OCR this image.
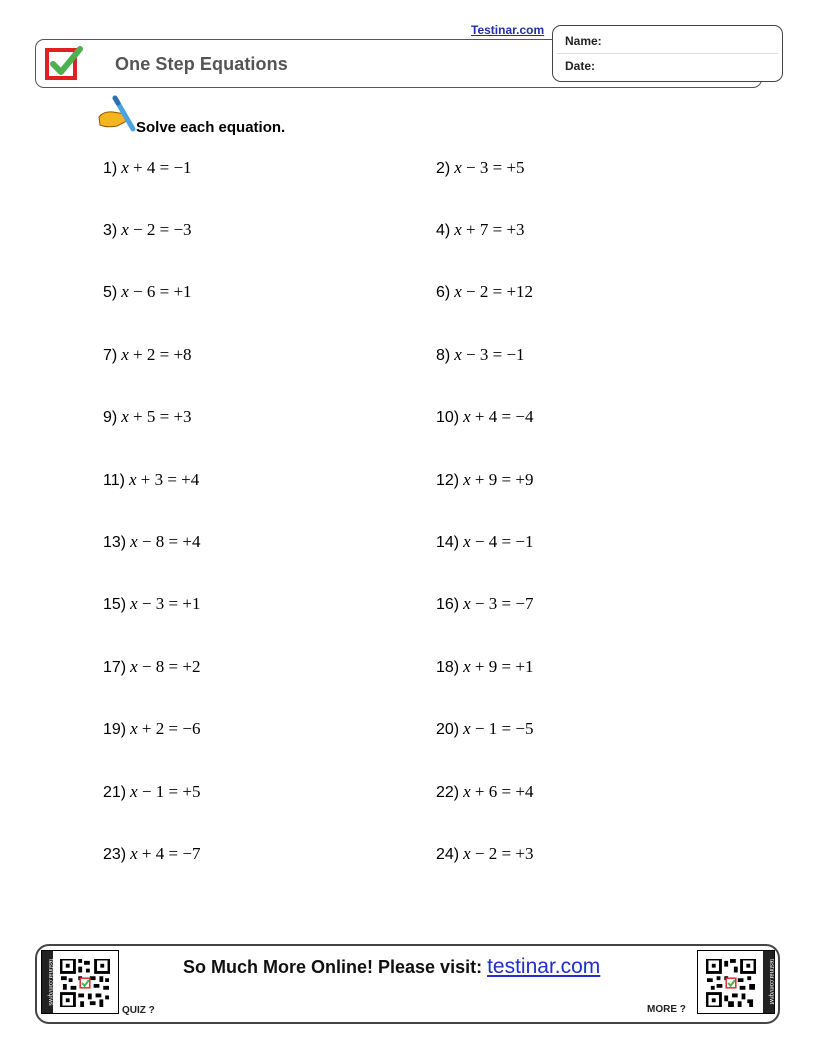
One Step Equations
Testinar.com
Name:
Date:
Solve each equation.
1) x + 4 = −1	2) x − 3 = +5
3) x − 2 = −3	4) x + 7 = +3
5) x − 6 = +1	6) x − 2 = +12
7) x + 2 = +8	8) x − 3 = −1
9) x + 5 = +3	10) x + 4 = −4
11) x + 3 = +4	12) x + 9 = +9
13) x − 8 = +4	14) x − 4 = −1
15) x − 3 = +1	16) x − 3 = −7
17) x − 8 = +2	18) x + 9 = +1
19) x + 2 = −6	20) x − 1 = −5
21) x − 1 = +5	22) x + 6 = +4
23) x + 4 = −7	24) x − 2 = +3
testinar.com/qrws
QUIZ ?
So Much More Online! Please visit: testinar.com
MORE ?
testinar.com/qrwt
